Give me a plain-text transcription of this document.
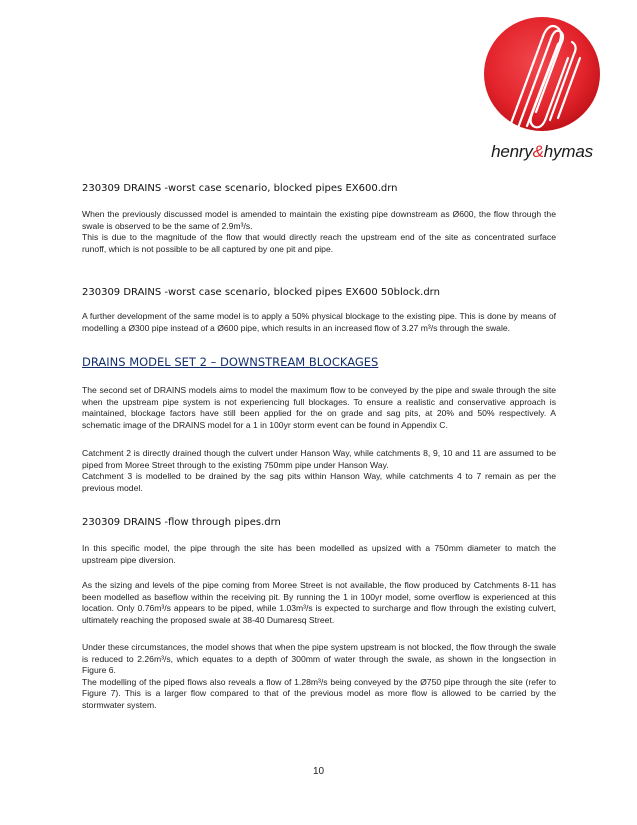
henry&hymas
230309 DRAINS -worst case scenario, blocked pipes EX600.drn

When the previously discussed model is amended to maintain the existing pipe downstream as Ø600, the flow through the swale is observed to be the same of 2.9m³/s.

This is due to the magnitude of the flow that would directly reach the upstream end of the site as concentrated surface runoff, which is not possible to be all captured by one pit and pipe.

230309 DRAINS -worst case scenario, blocked pipes EX600 50block.drn

A further development of the same model is to apply a 50% physical blockage to the existing pipe. This is done by means of modelling a Ø300 pipe instead of a Ø600 pipe, which results in an increased flow of 3.27 m³/s through the swale.

DRAINS MODEL SET 2 – DOWNSTREAM BLOCKAGES

The second set of DRAINS models aims to model the maximum flow to be conveyed by the pipe and swale through the site when the upstream pipe system is not experiencing full blockages. To ensure a realistic and conservative approach is maintained, blockage factors have still been applied for the on grade and sag pits, at 20% and 50% respectively. A schematic image of the DRAINS model for a 1 in 100yr storm event can be found in Appendix C.

Catchment 2 is directly drained though the culvert under Hanson Way, while catchments 8, 9, 10 and 11 are assumed to be piped from Moree Street through to the existing 750mm pipe under Hanson Way.

Catchment 3 is modelled to be drained by the sag pits within Hanson Way, while catchments 4 to 7 remain as per the previous model.

230309 DRAINS -flow through pipes.drn

In this specific model, the pipe through the site has been modelled as upsized with a 750mm diameter to match the upstream pipe diversion.

As the sizing and levels of the pipe coming from Moree Street is not available, the flow produced by Catchments 8-11 has been modelled as baseflow within the receiving pit. By running the 1 in 100yr model, some overflow is experienced at this location. Only 0.76m³/s appears to be piped, while 1.03m³/s is expected to surcharge and flow through the existing culvert, ultimately reaching the proposed swale at 38-40 Dumaresq Street.

Under these circumstances, the model shows that when the pipe system upstream is not blocked, the flow through the swale is reduced to 2.26m³/s, which equates to a depth of 300mm of water through the swale, as shown in the longsection in Figure 6.

The modelling of the piped flows also reveals a flow of 1.28m³/s being conveyed by the Ø750 pipe through the site (refer to Figure 7). This is a larger flow compared to that of the previous model as more flow is allowed to be carried by the stormwater system.

10
